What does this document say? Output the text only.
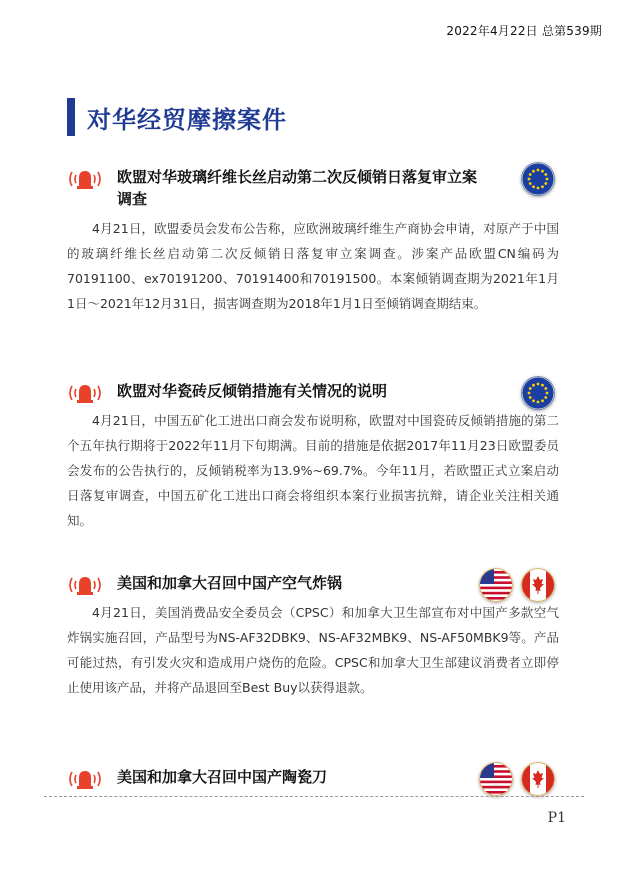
2022年4月22日 总第539期
对华经贸摩擦案件
欧盟对华玻璃纤维长丝启动第二次反倾销日落复审立案调查
4月21日，欧盟委员会发布公告称，应欧洲玻璃纤维生产商协会申请，对原产于中国的玻璃纤维长丝启动第二次反倾销日落复审立案调查。涉案产品欧盟CN编码为70191100、ex70191200、70191400和70191500。本案倾销调查期为2021年1月1日～2021年12月31日，损害调查期为2018年1月1日至倾销调查期结束。
欧盟对华瓷砖反倾销措施有关情况的说明
4月21日，中国五矿化工进出口商会发布说明称，欧盟对中国瓷砖反倾销措施的第二个五年执行期将于2022年11月下旬期满。目前的措施是依据2017年11月23日欧盟委员会发布的公告执行的，反倾销税率为13.9%~69.7%。今年11月，若欧盟正式立案启动日落复审调查，中国五矿化工进出口商会将组织本案行业损害抗辩，请企业关注相关通知。
美国和加拿大召回中国产空气炸锅
4月21日，美国消费品安全委员会（CPSC）和加拿大卫生部宣布对中国产多款空气炸锅实施召回，产品型号为NS-AF32DBK9、NS-AF32MBK9、NS-AF50MBK9等。产品可能过热，有引发火灾和造成用户烧伤的危险。CPSC和加拿大卫生部建议消费者立即停止使用该产品，并将产品退回至Best Buy以获得退款。
美国和加拿大召回中国产陶瓷刀
P1
